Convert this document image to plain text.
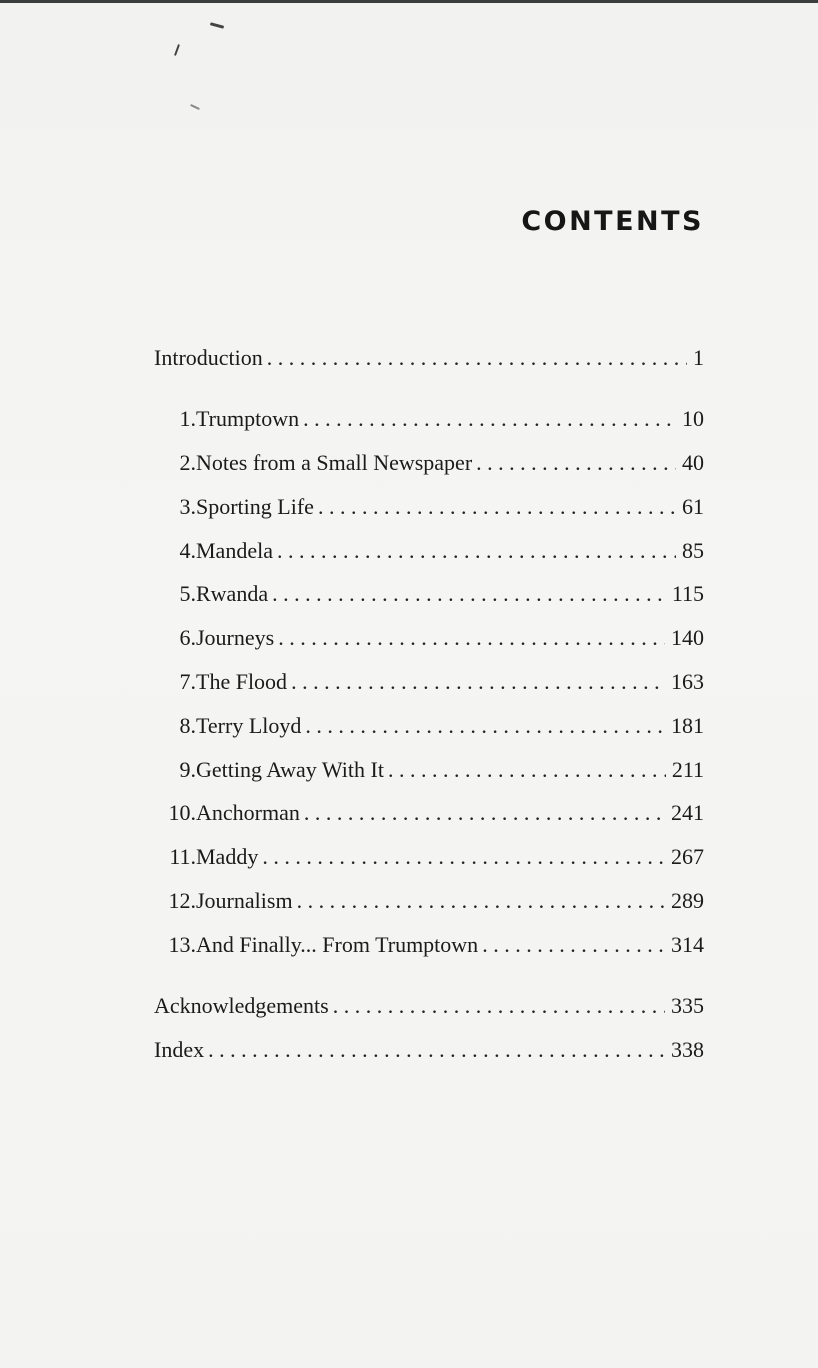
CONTENTS
Introduction . . .	1
1. Trumptown . . .	10
2. Notes from a Small Newspaper . . .	40
3. Sporting Life . . .	61
4. Mandela . . .	85
5. Rwanda . . .	115
6. Journeys . . .	140
7. The Flood . . .	163
8. Terry Lloyd . . .	181
9. Getting Away With It . . .	211
10. Anchorman . . .	241
11. Maddy . . .	267
12. Journalism . . .	289
13. And Finally... From Trumptown . . .	314
Acknowledgements . . .	335
Index . . .	338
